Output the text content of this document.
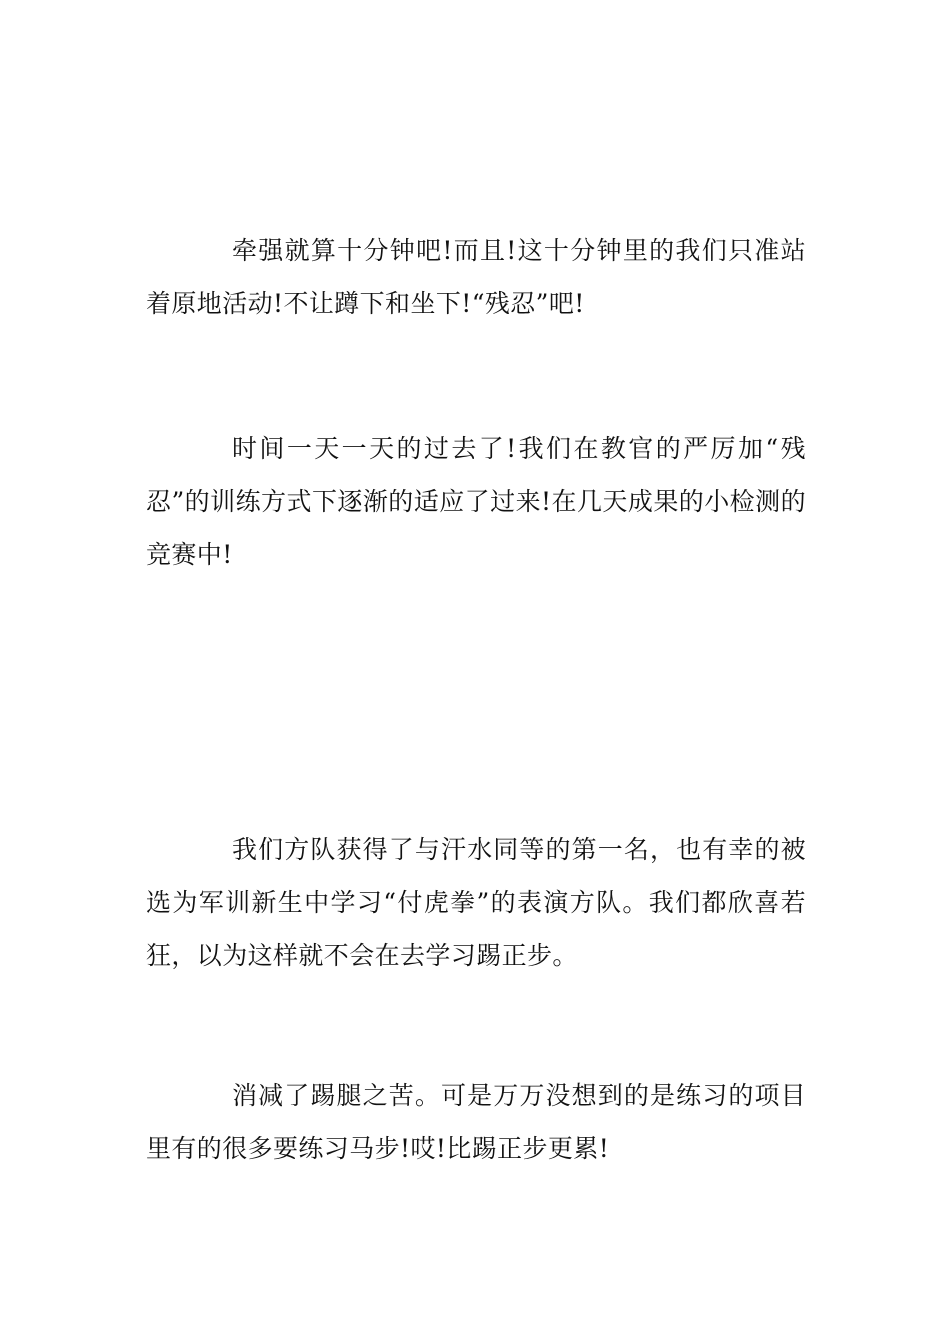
牵强就算十分钟吧!而且!这十分钟里的我们只准站着原地活动!不让蹲下和坐下!“残忍”吧!

时间一天一天的过去了!我们在教官的严厉加“残忍”的训练方式下逐渐的适应了过来!在几天成果的小检测的竞赛中!

我们方队获得了与汗水同等的第一名，也有幸的被选为军训新生中学习“付虎拳”的表演方队。我们都欣喜若狂，以为这样就不会在去学习踢正步。

消减了踢腿之苦。可是万万没想到的是练习的项目里有的很多要练习马步!哎!比踢正步更累!
